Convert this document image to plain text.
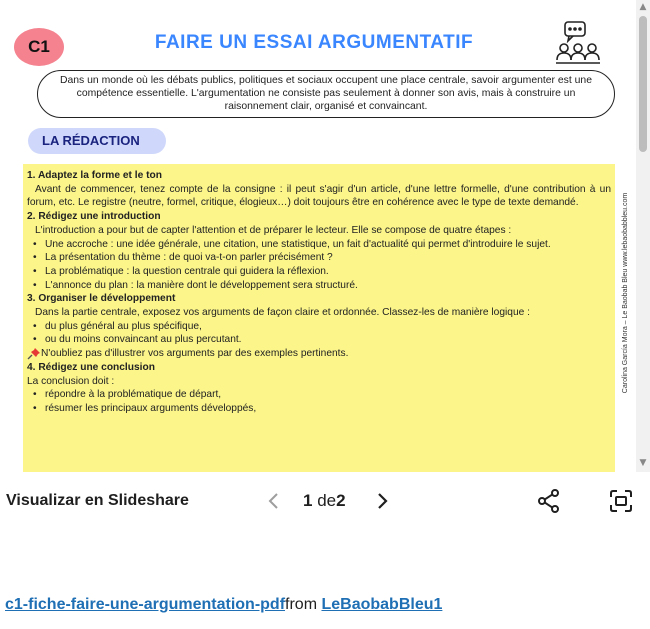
C1	FAIRE UN ESSAI ARGUMENTATIF
Dans un monde où les débats publics, politiques et sociaux occupent une place centrale, savoir argumenter est une compétence essentielle. L'argumentation ne consiste pas seulement à donner son avis, mais à construire un raisonnement clair, organisé et convaincant.
LA RÉDACTION
1. Adaptez la forme et le ton
Avant de commencer, tenez compte de la consigne : il peut s'agir d'un article, d'une lettre formelle, d'une contribution à un forum, etc. Le registre (neutre, formel, critique, élogieux…) doit toujours être en cohérence avec le type de texte demandé.
2. Rédigez une introduction
L'introduction a pour but de capter l'attention et de préparer le lecteur. Elle se compose de quatre étapes :
• Une accroche : une idée générale, une citation, une statistique, un fait d'actualité qui permet d'introduire le sujet.
• La présentation du thème : de quoi va-t-on parler précisément ?
• La problématique : la question centrale qui guidera la réflexion.
• L'annonce du plan : la manière dont le développement sera structuré.
3. Organiser le développement
Dans la partie centrale, exposez vos arguments de façon claire et ordonnée. Classez-les de manière logique :
• du plus général au plus spécifique,
• ou du moins convaincant au plus percutant.
N'oubliez pas d'illustrer vos arguments par des exemples pertinents.
4. Rédigez une conclusion
La conclusion doit :
• répondre à la problématique de départ,
• résumer les principaux arguments développés,
Carolina García Mora – Le Baobab Bleu www.lebaobabbleu.com
▲
▼
Visualizar en Slideshare	1 de2
c1-fiche-faire-une-argumentation-pdffrom LeBaobabBleu1
